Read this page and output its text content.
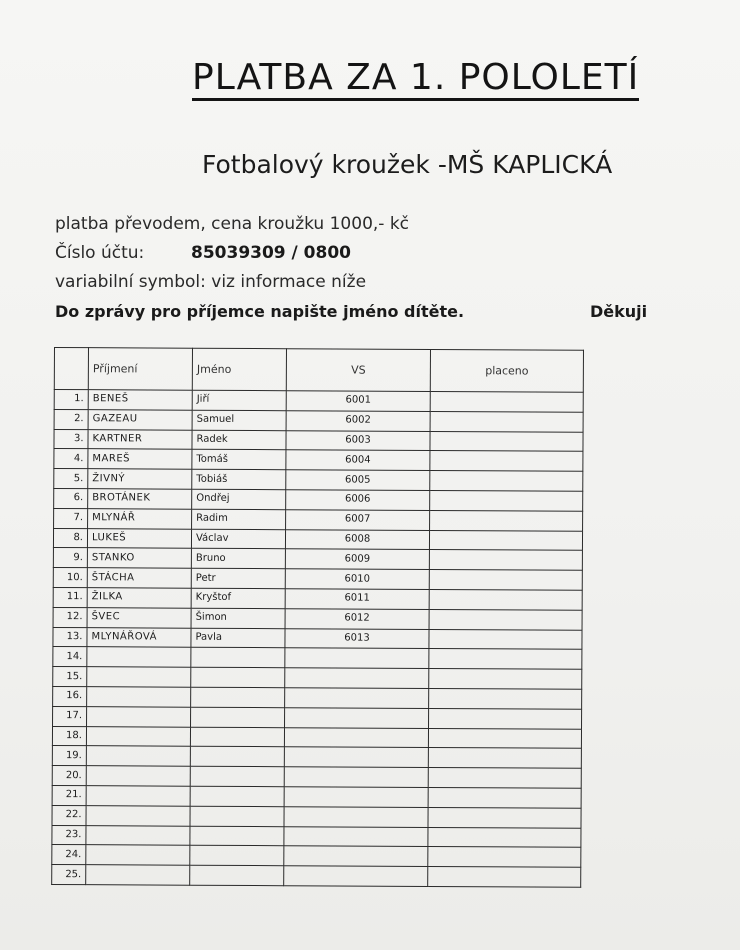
PLATBA ZA 1. POLOLETÍ
Fotbalový kroužek -MŠ KAPLICKÁ
platba převodem, cena kroužku 1000,- kč
Číslo účtu:	85039309 / 0800
variabilní symbol: viz informace níže
Do zprávy pro příjemce napište jméno dítěte.	Děkuji
	Příjmení	Jméno	VS	placeno
1.	BENEŠ	Jiří	6001	
2.	GAZEAU	Samuel	6002	
3.	KARTNER	Radek	6003	
4.	MAREŠ	Tomáš	6004	
5.	ŽIVNÝ	Tobiáš	6005	
6.	BROTÁNEK	Ondřej	6006	
7.	MLYNÁŘ	Radim	6007	
8.	LUKEŠ	Václav	6008	
9.	STANKO	Bruno	6009	
10.	ŠTÁCHA	Petr	6010	
11.	ŽILKA	Kryštof	6011	
12.	ŠVEC	Šimon	6012	
13.	MLYNÁŘOVÁ	Pavla	6013	
14.				
15.				
16.				
17.				
18.				
19.				
20.				
21.				
22.				
23.				
24.				
25.				
